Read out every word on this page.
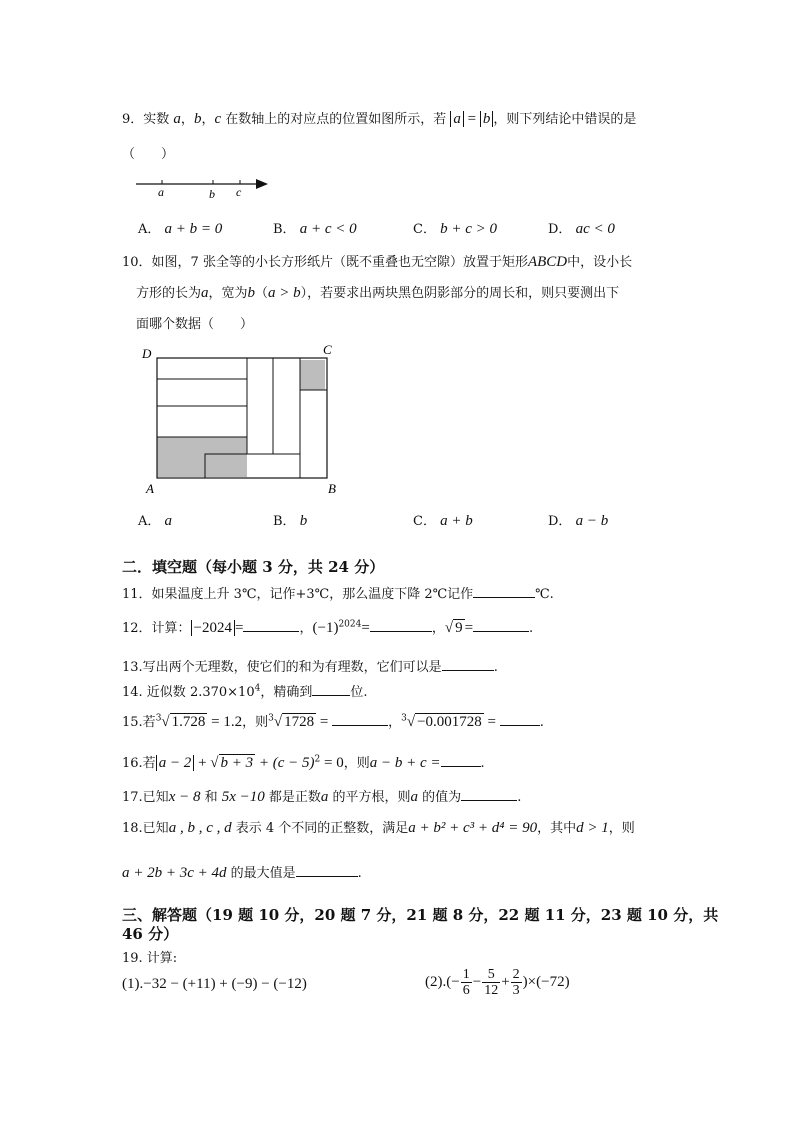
9．实数 a，b，c 在数轴上的对应点的位置如图所示，若 a = b ，则下列结论中错误的是
（　　）
a	b c
A． a + b = 0	B． a + c < 0	C． b + c > 0	D． ac < 0
10．如图，7 张全等的小长方形纸片（既不重叠也无空隙）放置于矩形ABCD中，设小长
方形的长为a，宽为b（a > b），若要求出两块黑色阴影部分的周长和，则只要测出下
面哪个数据（　　）
D	C
A	B
A． a	B． b	C． a + b	D． a − b
二．填空题（每小题 3 分，共 24 分）
11．如果温度上升 3℃，记作+3℃，那么温度下降 2℃记作	℃.
12．计算： −2024 =	，$(-1)^{2024}=$	，√ 9 =	.
13.写出两个无理数，使它们的和为有理数，它们可以是	.
14. 近似数 $2.370\times 10^4$，精确到	位.
15.若$^3$√ 1.728 = 1.2，则$^3$√ 1728 =	，$^3$√ −0.001728 =	.
16.若 a − 2 + √ $b + 3 + (c - 5)^2 = 0$，则a − b + c =	.
17.已知x − 8 和 5x −10 都是正数a 的平方根，则a 的值为	.
18.已知a , b , c , d 表示 4 个不同的正整数，满足a + b² + c³ + d⁴ = 90，其中d > 1，则
a + 2b + 3c + 4d 的最大值是	.
三、解答题（19 题 10 分，20 题 7 分，21 题 8 分，22 题 11 分，23 题 10 分，共
46 分）
19. 计算:
(1).−32 − (+11) + (−9) − (−12)	$(2).(- \frac{1}{6} - \frac{5}{12} + \frac{2}{3} )\times(-72)$
